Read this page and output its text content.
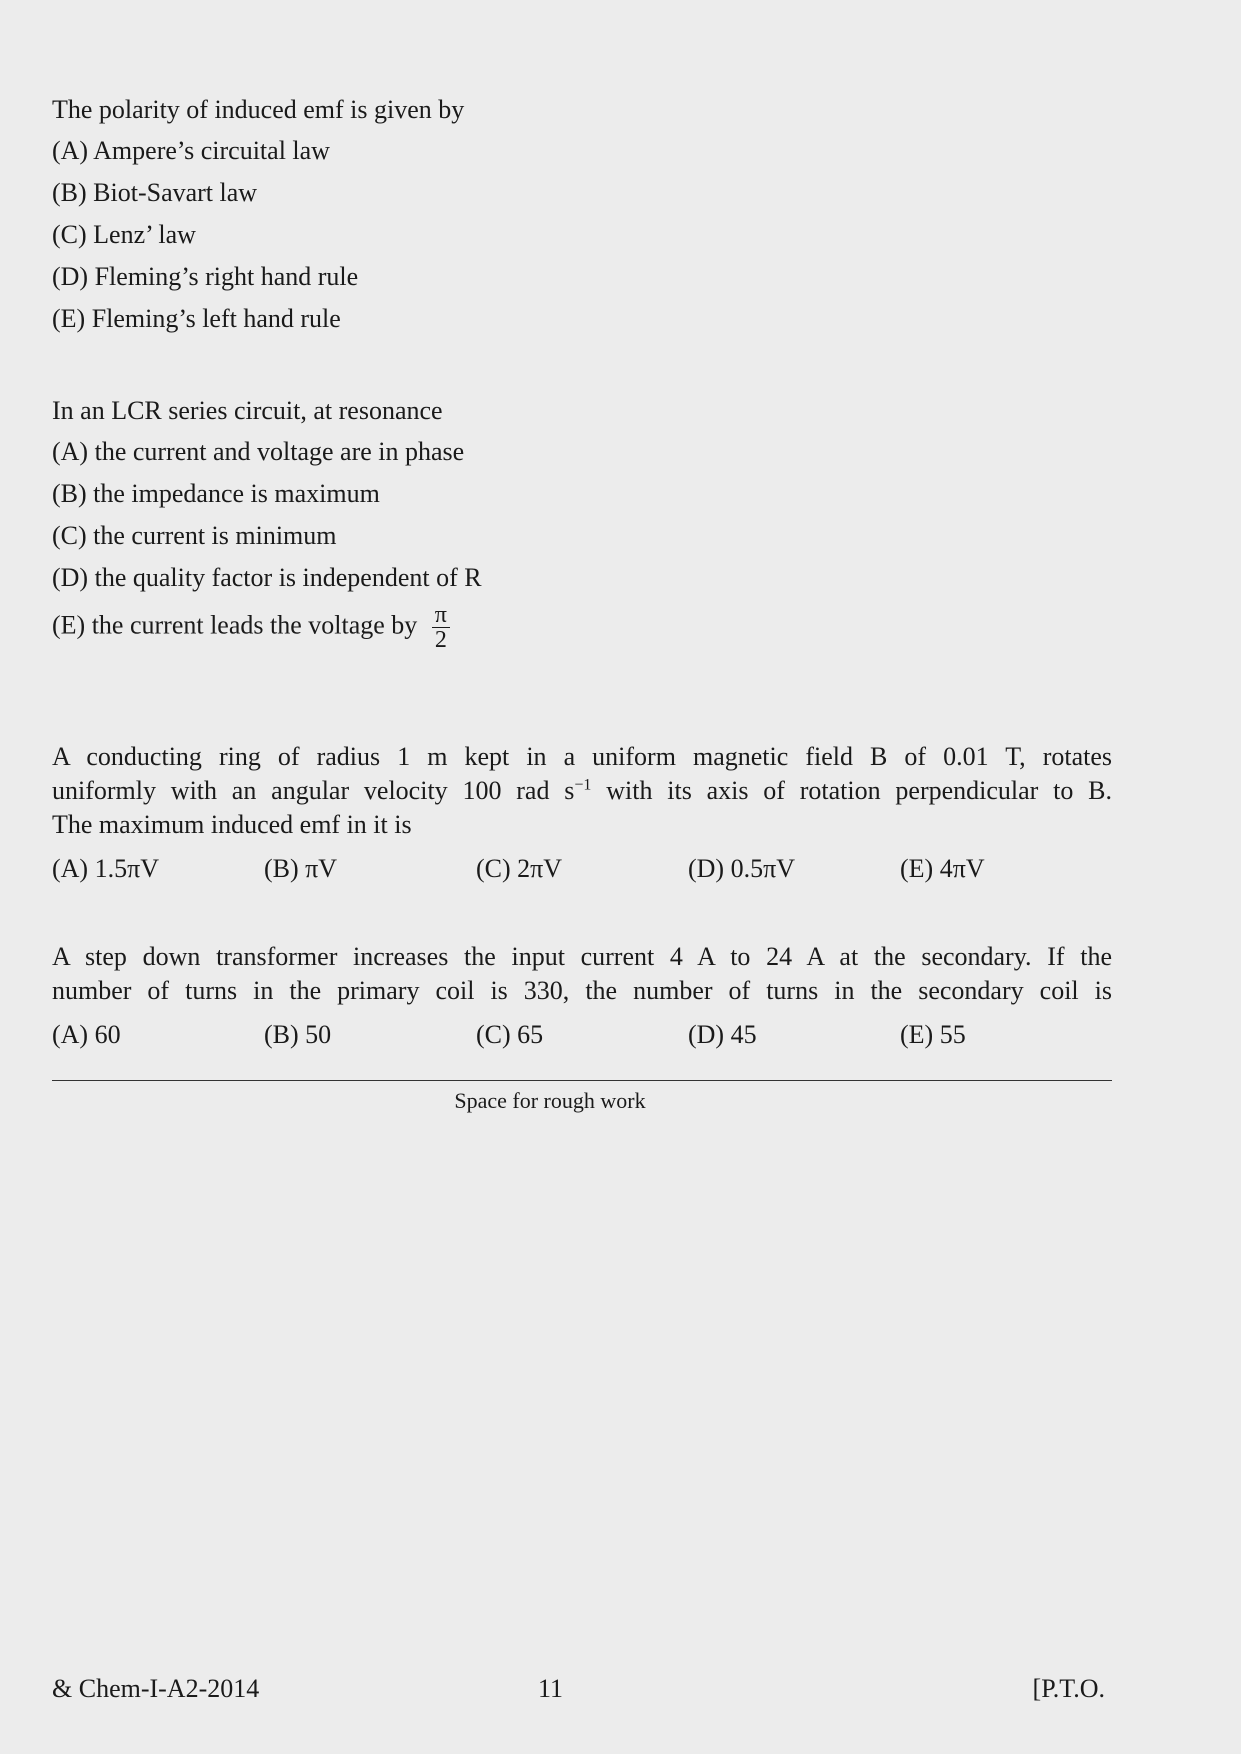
The polarity of induced emf is given by

(A) Ampere’s circuital law

(B) Biot-Savart law

(C) Lenz’ law

(D) Fleming’s right hand rule

(E) Fleming’s left hand rule

In an LCR series circuit, at resonance

(A) the current and voltage are in phase

(B) the impedance is maximum

(C) the current is minimum

(D) the quality factor is independent of R

(E) the current leads the voltage by $\frac{\pi}{2}$

A conducting ring of radius 1 m kept in a uniform magnetic field B of 0.01 T, rotates

uniformly with an angular velocity 100 rad $s^{-1}$ with its axis of rotation perpendicular to B.

The maximum induced emf in it is

(A) 1.5πV	(B) πV	(C) 2πV	(D) 0.5πV	(E) 4πV

A step down transformer increases the input current 4 A to 24 A at the secondary. If the

number of turns in the primary coil is 330, the number of turns in the secondary coil is

(A) 60	(B) 50	(C) 65	(D) 45	(E) 55
Space for rough work
& Chem-I-A2-2014	11	[P.T.O.
